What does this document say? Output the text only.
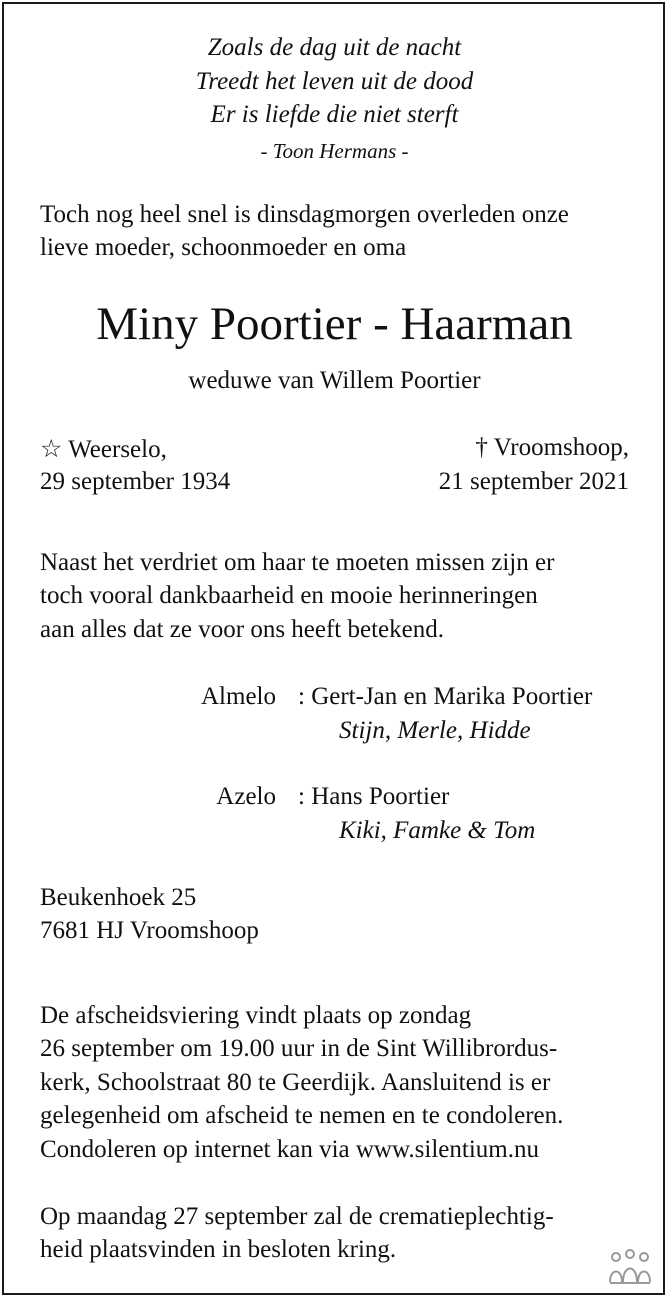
Zoals de dag uit de nacht
Treedt het leven uit de dood
Er is liefde die niet sterft
- Toon Hermans -
Toch nog heel snel is dinsdagmorgen overleden onze
lieve moeder, schoonmoeder en oma
Miny Poortier - Haarman
weduwe van Willem Poortier
☆ Weerselo,
29 september 1934
† Vroomshoop,
21 september 2021
Naast het verdriet om haar te moeten missen zijn er
toch vooral dankbaarheid en mooie herinneringen
aan alles dat ze voor ons heeft betekend.
Almelo : Gert-Jan en Marika Poortier
Stijn, Merle, Hidde
Azelo : Hans Poortier
Kiki, Famke & Tom
Beukenhoek 25
7681 HJ Vroomshoop
De afscheidsviering vindt plaats op zondag
26 september om 19.00 uur in de Sint Willibrordus-
kerk, Schoolstraat 80 te Geerdijk. Aansluitend is er
gelegenheid om afscheid te nemen en te condoleren.
Condoleren op internet kan via www.silentium.nu
Op maandag 27 september zal de crematieplechtig-
heid plaatsvinden in besloten kring.
